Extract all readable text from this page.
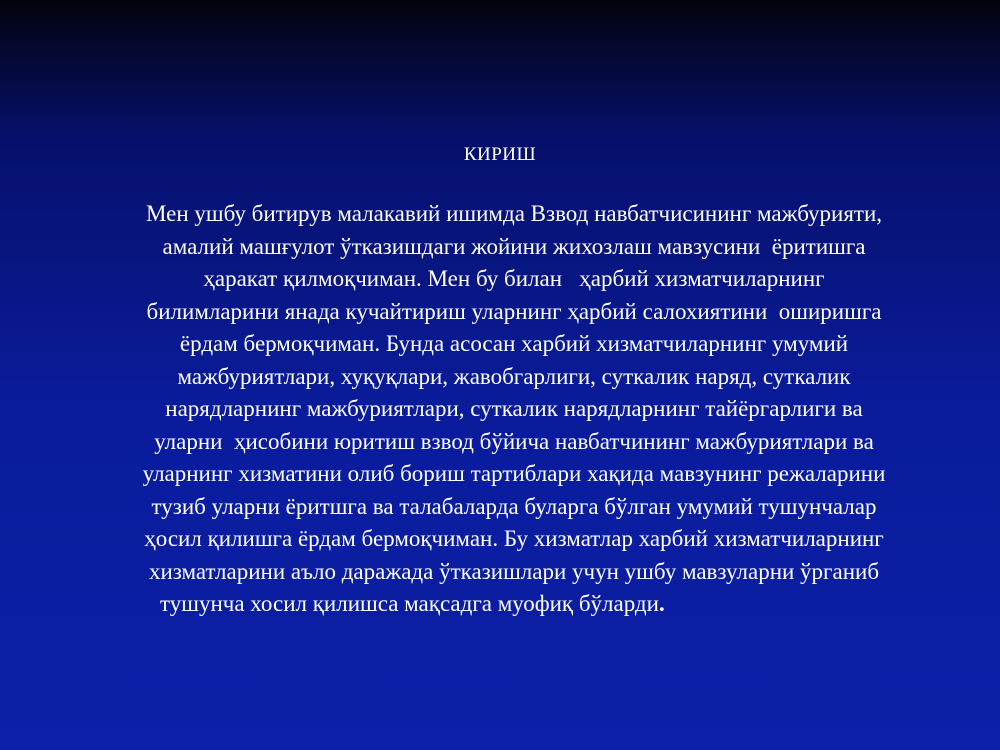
КИРИШ
Мен ушбу битирув малакавий ишимда Взвод навбатчисининг мажбурияти,
амалий машғулот ўтказишдаги жойини жихозлаш мавзусини  ёритишга
ҳаракат қилмоқчиман. Мен бу билан   ҳарбий хизматчиларнинг
билимларини янада кучайтириш уларнинг ҳарбий салохиятини  оширишга
ёрдам бермоқчиман. Бунда асосан харбий хизматчиларнинг умумий
мажбуриятлари, хуқуқлари, жавобгарлиги, суткалик наряд, суткалик
нарядларнинг мажбуриятлари, суткалик нарядларнинг тайёргарлиги ва
уларни  ҳисобини юритиш взвод бўйича навбатчининг мажбуриятлари ва
уларнинг хизматини олиб бориш тартиблари хақида мавзунинг режаларини
тузиб уларни ёритшга ва талабаларда буларга бўлган умумий тушунчалар
ҳосил қилишга ёрдам бермоқчиман. Бу хизматлар харбий хизматчиларнинг
хизматларини аъло даражада ўтказишлари учун ушбу мавзуларни ўрганиб
тушунча хосил қилишса мақсадга муофиқ бўларди.
